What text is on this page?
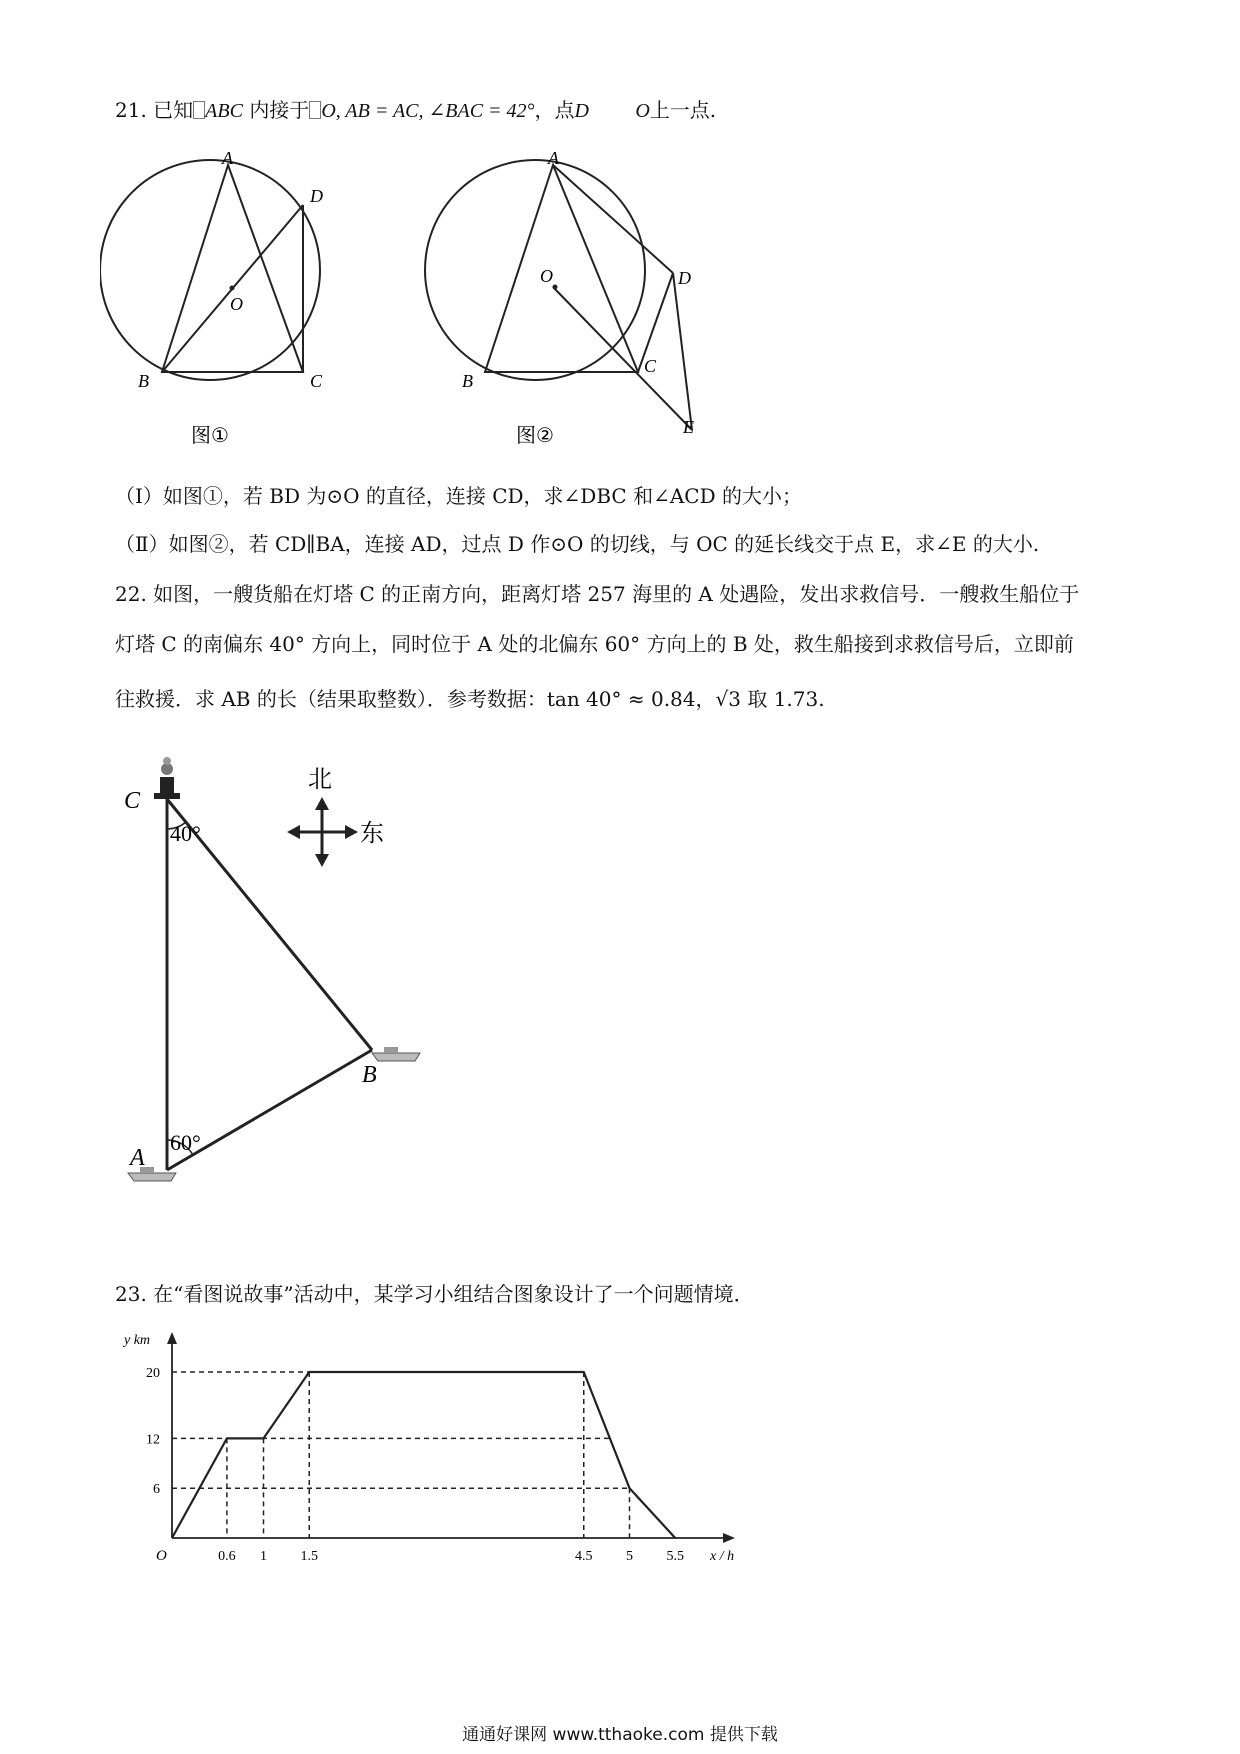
21. 已知 ABC 内接于 O, AB = AC, ∠BAC = 42°，点D O上一点.
A
D
O
B	C
图①
A
D
O
B
C
E
图②
（Ⅰ）如图①，若 BD 为⊙O 的直径，连接 CD，求∠DBC 和∠ACD 的大小；
（Ⅱ）如图②，若 CD∥BA，连接 AD，过点 D 作⊙O 的切线，与 OC 的延长线交于点 E，求∠E 的大小.
22. 如图，一艘货船在灯塔 C 的正南方向，距离灯塔 257 海里的 A 处遇险，发出求救信号．一艘救生船位于
灯塔 C 的南偏东 40° 方向上，同时位于 A 处的北偏东 60° 方向上的 B 处，救生船接到求救信号后，立即前
往救援．求 AB 的长（结果取整数）．参考数据：tan 40° ≈ 0.84，√3 取 1.73.
C
40°
60°
A
B
北
东
23. 在“看图说故事”活动中，某学习小组结合图象设计了一个问题情境．
y km
x / h
O	0.6 1 1.5	4.5 5 5.5
20
12
6
通通好课网 www.tthaoke.com 提供下载
